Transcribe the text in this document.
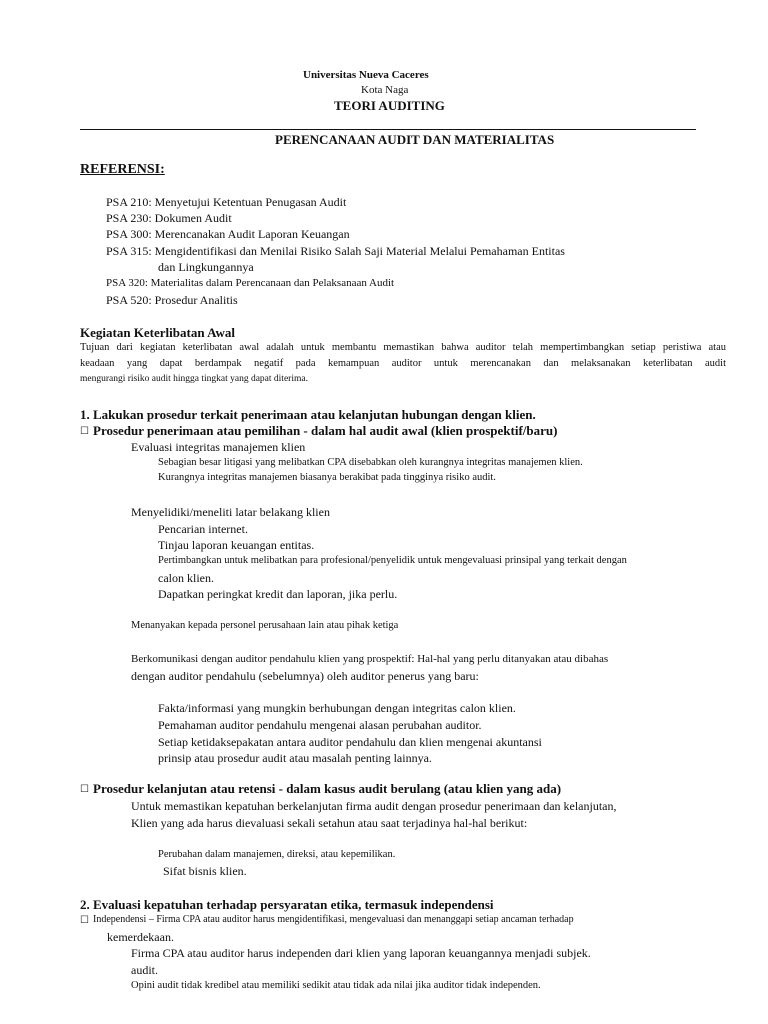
Universitas Nueva Caceres
Kota Naga
TEORI AUDITING
PERENCANAAN AUDIT DAN MATERIALITAS
REFERENSI:
PSA 210: Menyetujui Ketentuan Penugasan Audit
PSA 230: Dokumen Audit
PSA 300: Merencanakan Audit Laporan Keuangan
PSA 315: Mengidentifikasi dan Menilai Risiko Salah Saji Material Melalui Pemahaman Entitas
dan Lingkungannya
PSA 320: Materialitas dalam Perencanaan dan Pelaksanaan Audit
PSA 520: Prosedur Analitis
Kegiatan Keterlibatan Awal
Tujuan dari kegiatan keterlibatan awal adalah untuk membantu memastikan bahwa auditor telah mempertimbangkan setiap peristiwa atau
keadaan yang dapat berdampak negatif pada kemampuan auditor untuk merencanakan dan melaksanakan keterlibatan audit
mengurangi risiko audit hingga tingkat yang dapat diterima.
1. Lakukan prosedur terkait penerimaan atau kelanjutan hubungan dengan klien.
☐ Prosedur penerimaan atau pemilihan - dalam hal audit awal (klien prospektif/baru)
Evaluasi integritas manajemen klien
Sebagian besar litigasi yang melibatkan CPA disebabkan oleh kurangnya integritas manajemen klien.
Kurangnya integritas manajemen biasanya berakibat pada tingginya risiko audit.
Menyelidiki/meneliti latar belakang klien
Pencarian internet.
Tinjau laporan keuangan entitas.
Pertimbangkan untuk melibatkan para profesional/penyelidik untuk mengevaluasi prinsipal yang terkait dengan
calon klien.
Dapatkan peringkat kredit dan laporan, jika perlu.
Menanyakan kepada personel perusahaan lain atau pihak ketiga
Berkomunikasi dengan auditor pendahulu klien yang prospektif: Hal-hal yang perlu ditanyakan atau dibahas
dengan auditor pendahulu (sebelumnya) oleh auditor penerus yang baru:
Fakta/informasi yang mungkin berhubungan dengan integritas calon klien.
Pemahaman auditor pendahulu mengenai alasan perubahan auditor.
Setiap ketidaksepakatan antara auditor pendahulu dan klien mengenai akuntansi
prinsip atau prosedur audit atau masalah penting lainnya.
☐ Prosedur kelanjutan atau retensi - dalam kasus audit berulang (atau klien yang ada)
Untuk memastikan kepatuhan berkelanjutan firma audit dengan prosedur penerimaan dan kelanjutan,
Klien yang ada harus dievaluasi sekali setahun atau saat terjadinya hal-hal berikut:
Perubahan dalam manajemen, direksi, atau kepemilikan.
Sifat bisnis klien.
2. Evaluasi kepatuhan terhadap persyaratan etika, termasuk independensi
☐ Independensi – Firma CPA atau auditor harus mengidentifikasi, mengevaluasi dan menanggapi setiap ancaman terhadap
kemerdekaan.
Firma CPA atau auditor harus independen dari klien yang laporan keuangannya menjadi subjek.
audit.
Opini audit tidak kredibel atau memiliki sedikit atau tidak ada nilai jika auditor tidak independen.
